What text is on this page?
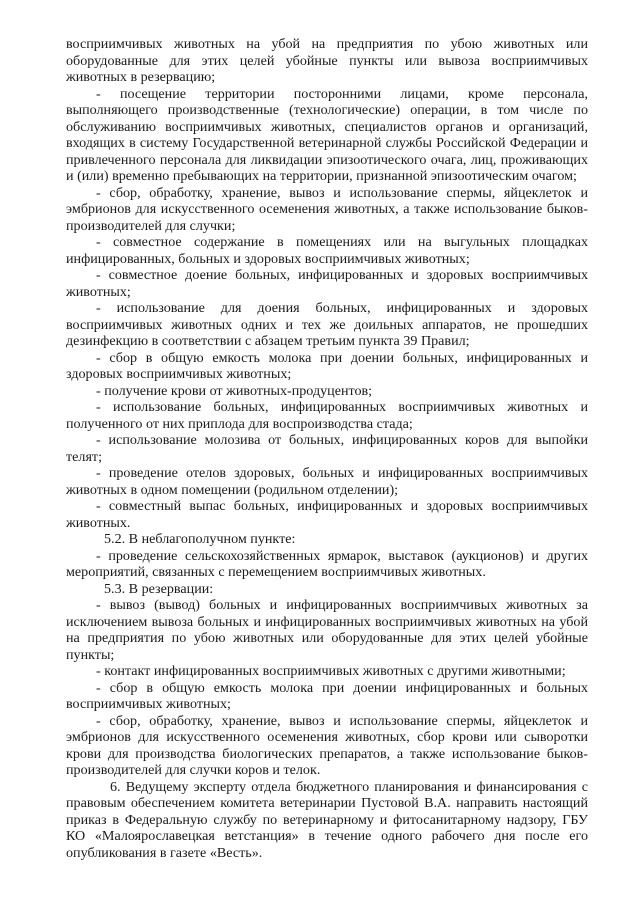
восприимчивых животных на убой на предприятия по убою животных или оборудованные для этих целей убойные пункты или вывоза восприимчивых животных в резервацию;

- посещение территории посторонними лицами, кроме персонала, выполняющего производственные (технологические) операции, в том числе по обслуживанию восприимчивых животных, специалистов органов и организаций, входящих в систему Государственной ветеринарной службы Российской Федерации и привлеченного персонала для ликвидации эпизоотического очага, лиц, проживающих и (или) временно пребывающих на территории, признанной эпизоотическим очагом;

- сбор, обработку, хранение, вывоз и использование спермы, яйцеклеток и эмбрионов для искусственного осеменения животных, а также использование быков-производителей для случки;

- совместное содержание в помещениях или на выгульных площадках инфицированных, больных и здоровых восприимчивых животных;

- совместное доение больных, инфицированных и здоровых восприимчивых животных;

- использование для доения больных, инфицированных и здоровых восприимчивых животных одних и тех же доильных аппаратов, не прошедших дезинфекцию в соответствии с абзацем третьим пункта 39 Правил;

- сбор в общую емкость молока при доении больных, инфицированных и здоровых восприимчивых животных;

- получение крови от животных-продуцентов;

- использование больных, инфицированных восприимчивых животных и полученного от них приплода для воспроизводства стада;

- использование молозива от больных, инфицированных коров для выпойки телят;

- проведение отелов здоровых, больных и инфицированных восприимчивых животных в одном помещении (родильном отделении);

- совместный выпас больных, инфицированных и здоровых восприимчивых животных.

5.2. В неблагополучном пункте:

- проведение сельскохозяйственных ярмарок, выставок (аукционов) и других мероприятий, связанных с перемещением восприимчивых животных.

5.3. В резервации:

- вывоз (вывод) больных и инфицированных восприимчивых животных за исключением вывоза больных и инфицированных восприимчивых животных на убой на предприятия по убою животных или оборудованные для этих целей убойные пункты;

- контакт инфицированных восприимчивых животных с другими животными;

- сбор в общую емкость молока при доении инфицированных и больных восприимчивых животных;

- сбор, обработку, хранение, вывоз и использование спермы, яйцеклеток и эмбрионов для искусственного осеменения животных, сбор крови или сыворотки крови для производства биологических препаратов, а также использование быков-производителей для случки коров и телок.

6. Ведущему эксперту отдела бюджетного планирования и финансирования с правовым обеспечением комитета ветеринарии Пустовой В.А. направить настоящий приказ в Федеральную службу по ветеринарному и фитосанитарному надзору, ГБУ КО «Малоярославецкая ветстанция» в течение одного рабочего дня после его опубликования в газете «Весть».
